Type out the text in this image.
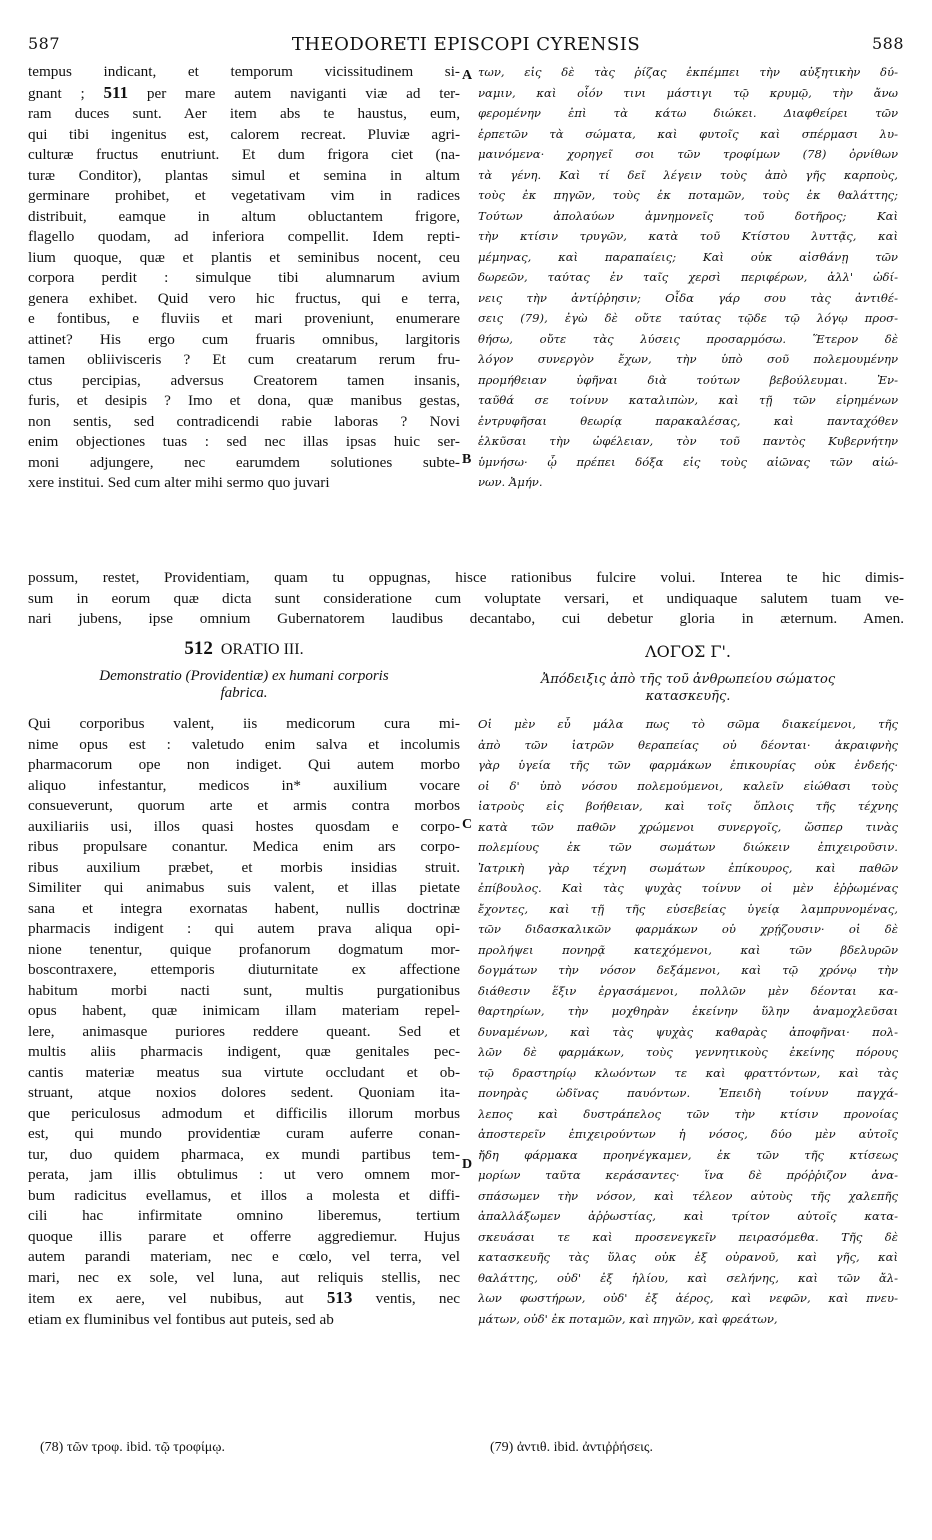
587	THEODORETI EPISCOPI CYRENSIS	588
tempus indicant, et temporum vicissitudinem si-
gnant ; 511 per mare autem naviganti viæ ad ter-
ram duces sunt. Aer item abs te haustus, eum,
qui tibi ingenitus est, calorem recreat. Pluviæ agri-
culturæ fructus enutriunt. Et dum frigora ciet (na-
turæ Conditor), plantas simul et semina in altum
germinare prohibet, et vegetativam vim in radices
distribuit, eamque in altum obluctantem frigore,
flagello quodam, ad inferiora compellit. Idem repti-
lium quoque, quæ et plantis et seminibus nocent, ceu
corpora perdit : simulque tibi alumnarum avium
genera exhibet. Quid vero hic fructus, qui e terra,
e fontibus, e fluviis et mari proveniunt, enumerare
attinet? His ergo cum fruaris omnibus, largitoris
tamen obliivisceris ? Et cum creatarum rerum fru-
ctus percipias, adversus Creatorem tamen insanis,
furis, et desipis ? Imo et dona, quæ manibus gestas,
non sentis, sed contradicendi rabie laboras ? Novi
enim objectiones tuas : sed nec illas ipsas huic ser-
moni adjungere, nec earumdem solutiones subte-
xere institui. Sed cum alter mihi sermo quo juvari
των, εἰς δὲ τὰς ῥίζας ἐκπέμπει τὴν αὐξητικὴν δύ-
ναμιν, καὶ οἷόν τινι μάστιγι τῷ κρυμῷ, τὴν ἄνω
φερομένην ἐπὶ τὰ κάτω διώκει. Διαφθείρει τῶν
ἑρπετῶν τὰ σώματα, καὶ φυτοῖς καὶ σπέρμασι λυ-
μαινόμενα· χορηγεῖ σοι τῶν τροφίμων (78) ὀρνίθων
τὰ γένη. Καὶ τί δεῖ λέγειν τοὺς ἀπὸ γῆς καρποὺς,
τοὺς ἐκ πηγῶν, τοὺς ἐκ ποταμῶν, τοὺς ἐκ θαλάττης;
Τούτων ἀπολαύων ἀμνημονεῖς τοῦ δοτῆρος; Καὶ
τὴν κτίσιν τρυγῶν, κατὰ τοῦ Κτίστου λυττᾷς, καὶ
μέμηνας, καὶ παραπαίεις; Καὶ οὐκ αἰσθάνῃ τῶν
δωρεῶν, ταύτας ἐν ταῖς χερσὶ περιφέρων, ἀλλ' ὠδί-
νεις τὴν ἀντίῤῥησιν; Οἶδα γάρ σου τὰς ἀντιθέ-
σεις (79), ἐγὼ δὲ οὔτε ταύτας τῷδε τῷ λόγῳ προσ-
θήσω, οὔτε τὰς λύσεις προσαρμόσω. Ἕτερον δὲ
λόγον συνεργὸν ἔχων, τὴν ὑπὸ σοῦ πολεμουμένην
προμήθειαν ὑφῆναι διὰ τούτων βεβούλευμαι. Ἐν-
ταῦθά σε τοίνυν καταλιπὼν, καὶ τῇ τῶν εἰρημένων
ἐντρυφῆσαι θεωρίᾳ παρακαλέσας, καὶ πανταχόθεν
ἑλκῦσαι τὴν ὠφέλειαν, τὸν τοῦ παντὸς Κυβερνήτην
ὑμνήσω· ᾧ πρέπει δόξα εἰς τοὺς αἰῶνας τῶν αἰώ-
νων. Ἀμήν.
A
B
C
D
possum, restet, Providentiam, quam tu oppugnas, hisce rationibus fulcire volui. Interea te hic dimis-
sum in eorum quæ dicta sunt consideratione cum voluptate versari, et undiquaque salutem tuam ve-
nari jubens, ipse omnium Gubernatorem laudibus decantabo, cui debetur gloria in æternum. Amen.
512 ORATIO III.
Demonstratio (Providentiæ) ex humani corporis
fabrica.
ΛΟΓΟΣ Γ'.
Ἀπόδειξις ἀπὸ τῆς τοῦ ἀνθρωπείου σώματος
κατασκευῆς.
Qui corporibus valent, iis medicorum cura mi-
nime opus est : valetudo enim salva et incolumis
pharmacorum ope non indiget. Qui autem morbo
aliquo infestantur, medicos in* auxilium vocare
consueverunt, quorum arte et armis contra morbos
auxiliariis usi, illos quasi hostes quosdam e corpo-
ribus propulsare conantur. Medica enim ars corpo-
ribus auxilium præbet, et morbis insidias struit.
Similiter qui animabus suis valent, et illas pietate
sana et integra exornatas habent, nullis doctrinæ
pharmacis indigent : qui autem prava aliqua opi-
nione tenentur, quique profanorum dogmatum mor-
boscontraxere, ettemporis diuturnitate ex affectione
habitum morbi nacti sunt, multis purgationibus
opus habent, quæ inimicam illam materiam repel-
lere, animasque puriores reddere queant. Sed et
multis aliis pharmacis indigent, quæ genitales pec-
cantis materiæ meatus sua virtute occludant et ob-
struant, atque noxios dolores sedent. Quoniam ita-
que periculosus admodum et difficilis illorum morbus
est, qui mundo providentiæ curam auferre conan-
tur, duo quidem pharmaca, ex mundi partibus tem-
perata, jam illis obtulimus : ut vero omnem mor-
bum radicitus evellamus, et illos a molesta et diffi-
cili hac infirmitate omnino liberemus, tertium
quoque illis parare et offerre aggrediemur. Hujus
autem parandi materiam, nec e cœlo, vel terra, vel
mari, nec ex sole, vel luna, aut reliquis stellis, nec
item ex aere, vel nubibus, aut 513 ventis, nec
etiam ex fluminibus vel fontibus aut puteis, sed ab
Οἱ μὲν εὖ μάλα πως τὸ σῶμα διακείμενοι, τῆς
ἀπὸ τῶν ἰατρῶν θεραπείας οὐ δέονται· ἀκραιφνὴς
γὰρ ὑγεία τῆς τῶν φαρμάκων ἐπικουρίας οὐκ ἐνδεής·
οἱ δ' ὑπὸ νόσου πολεμούμενοι, καλεῖν εἰώθασι τοὺς
ἰατροὺς εἰς βοήθειαν, καὶ τοῖς ὅπλοις τῆς τέχνης
κατὰ τῶν παθῶν χρώμενοι συνεργοῖς, ὥσπερ τινὰς
πολεμίους ἐκ τῶν σωμάτων διώκειν ἐπιχειροῦσιν.
Ἰατρικὴ γὰρ τέχνη σωμάτων ἐπίκουρος, καὶ παθῶν
ἐπίβουλος. Καὶ τὰς ψυχὰς τοίνυν οἱ μὲν ἐῤῥωμένας
ἔχοντες, καὶ τῇ τῆς εὐσεβείας ὑγείᾳ λαμπρυνομένας,
τῶν διδασκαλικῶν φαρμάκων οὐ χρῄζουσιν· οἱ δὲ
προλήψει πονηρᾷ κατεχόμενοι, καὶ τῶν βδελυρῶν
δογμάτων τὴν νόσον δεξάμενοι, καὶ τῷ χρόνῳ τὴν
διάθεσιν ἕξιν ἐργασάμενοι, πολλῶν μὲν δέονται κα-
θαρτηρίων, τὴν μοχθηρὰν ἐκείνην ὕλην ἀναμοχλεῦσαι
δυναμένων, καὶ τὰς ψυχὰς καθαρὰς ἀποφῆναι· πολ-
λῶν δὲ φαρμάκων, τοὺς γεννητικοὺς ἐκείνης πόρους
τῷ δραστηρίῳ κλωόντων τε καὶ φραττόντων, καὶ τὰς
πονηρὰς ὠδῖνας παυόντων. Ἐπειδὴ τοίνυν παγχά-
λεπος καὶ δυστράπελος τῶν τὴν κτίσιν προνοίας
ἀποστερεῖν ἐπιχειρούντων ἡ νόσος, δύο μὲν αὐτοῖς
ἤδη φάρμακα προηνέγκαμεν, ἐκ τῶν τῆς κτίσεως
μορίων ταῦτα κεράσαντες· ἵνα δὲ πρόῤῥιζον ἀνα-
σπάσωμεν τὴν νόσον, καὶ τέλεον αὐτοὺς τῆς χαλεπῆς
ἀπαλλάξωμεν ἀῤῥωστίας, καὶ τρίτον αὐτοῖς κατα-
σκευάσαι τε καὶ προσενεγκεῖν πειρασόμεθα. Τῆς δὲ
κατασκευῆς τὰς ὕλας οὐκ ἐξ οὐρανοῦ, καὶ γῆς, καὶ
θαλάττης, οὐδ' ἐξ ἡλίου, καὶ σελήνης, καὶ τῶν ἄλ-
λων φωστήρων, οὐδ' ἐξ ἀέρος, καὶ νεφῶν, καὶ πνευ-
μάτων, οὐδ' ἐκ ποταμῶν, καὶ πηγῶν, καὶ φρεάτων,
(78) τῶν τροφ. ibid. τῷ τροφίμῳ.	(79) ἀντιθ. ibid. ἀντιῤῥήσεις.
